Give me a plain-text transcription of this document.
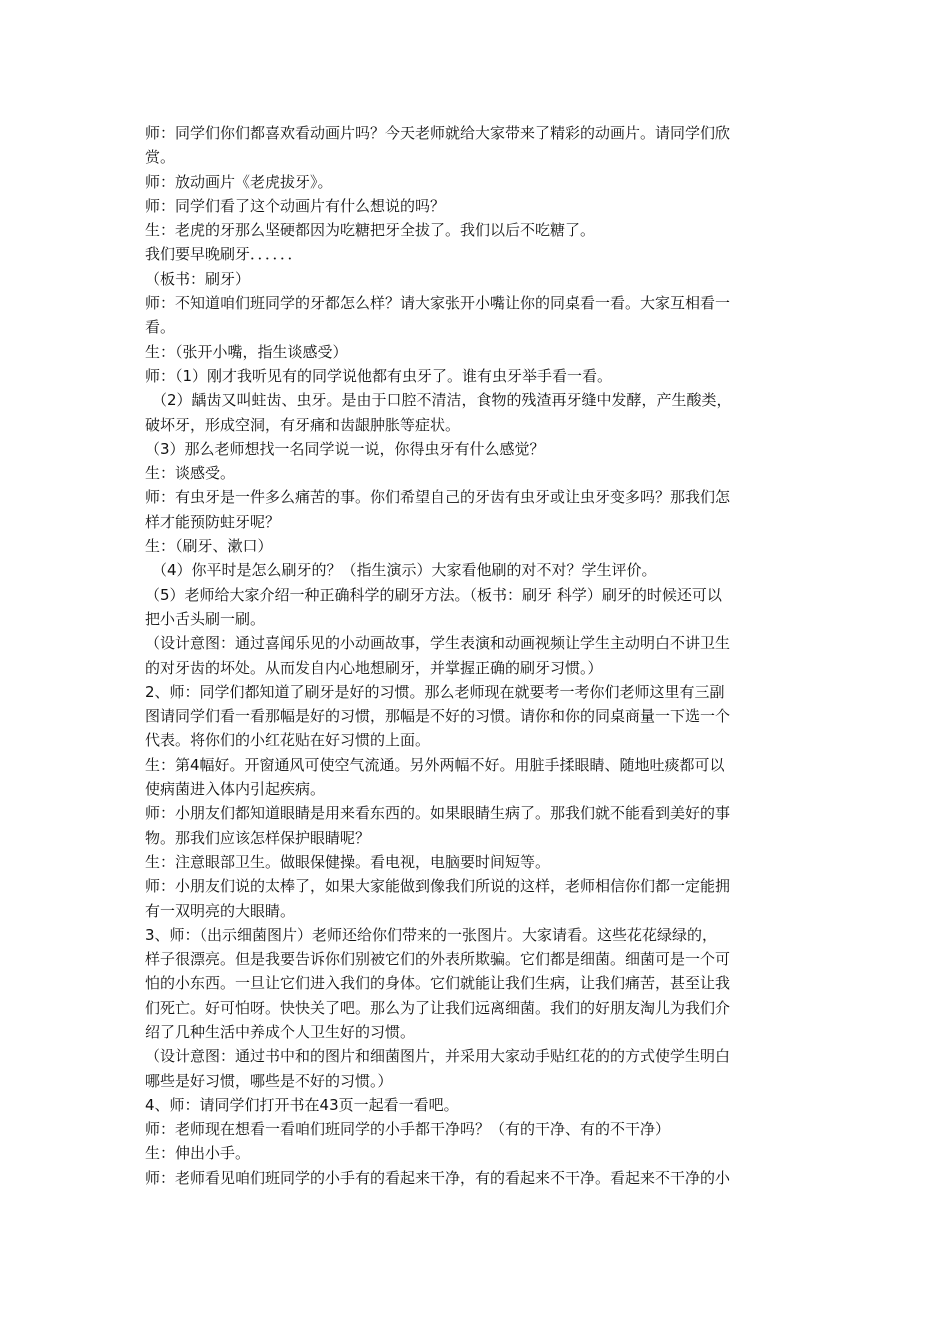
师：同学们你们都喜欢看动画片吗？今天老师就给大家带来了精彩的动画片。请同学们欣
赏。
师：放动画片《老虎拔牙》。
师：同学们看了这个动画片有什么想说的吗？
生：老虎的牙那么坚硬都因为吃糖把牙全拔了。我们以后不吃糖了。
我们要早晚刷牙．．．．．．
（板书：刷牙）
师：不知道咱们班同学的牙都怎么样？请大家张开小嘴让你的同桌看一看。大家互相看一
看。
生：（张开小嘴，指生谈感受）
师：（1）刚才我听见有的同学说他都有虫牙了。谁有虫牙举手看一看。
（2）龋齿又叫蛀齿、虫牙。是由于口腔不清洁，食物的残渣再牙缝中发酵，产生酸类，
破坏牙，形成空洞，有牙痛和齿龈肿胀等症状。
（3）那么老师想找一名同学说一说，你得虫牙有什么感觉？
生：谈感受。
师：有虫牙是一件多么痛苦的事。你们希望自己的牙齿有虫牙或让虫牙变多吗？那我们怎
样才能预防蛀牙呢？
生：（刷牙、漱口）
（4）你平时是怎么刷牙的？（指生演示）大家看他刷的对不对？学生评价。
（5）老师给大家介绍一种正确科学的刷牙方法。（板书：刷牙 科学）刷牙的时候还可以
把小舌头刷一刷。
（设计意图：通过喜闻乐见的小动画故事，学生表演和动画视频让学生主动明白不讲卫生
的对牙齿的坏处。从而发自内心地想刷牙，并掌握正确的刷牙习惯。）
2、师：同学们都知道了刷牙是好的习惯。那么老师现在就要考一考你们老师这里有三副
图请同学们看一看那幅是好的习惯，那幅是不好的习惯。请你和你的同桌商量一下选一个
代表。将你们的小红花贴在好习惯的上面。
生：第4幅好。开窗通风可使空气流通。另外两幅不好。用脏手揉眼睛、随地吐痰都可以
使病菌进入体内引起疾病。
师：小朋友们都知道眼睛是用来看东西的。如果眼睛生病了。那我们就不能看到美好的事
物。那我们应该怎样保护眼睛呢？
生：注意眼部卫生。做眼保健操。看电视，电脑要时间短等。
师：小朋友们说的太棒了，如果大家能做到像我们所说的这样，老师相信你们都一定能拥
有一双明亮的大眼睛。
3、师：（出示细菌图片）老师还给你们带来的一张图片。大家请看。这些花花绿绿的，
样子很漂亮。但是我要告诉你们别被它们的外表所欺骗。它们都是细菌。细菌可是一个可
怕的小东西。一旦让它们进入我们的身体。它们就能让我们生病，让我们痛苦，甚至让我
们死亡。好可怕呀。快快关了吧。那么为了让我们远离细菌。我们的好朋友淘儿为我们介
绍了几种生活中养成个人卫生好的习惯。
（设计意图：通过书中和的图片和细菌图片，并采用大家动手贴红花的的方式使学生明白
哪些是好习惯，哪些是不好的习惯。）
4、师：请同学们打开书在43页一起看一看吧。
师：老师现在想看一看咱们班同学的小手都干净吗？（有的干净、有的不干净）
生：伸出小手。
师：老师看见咱们班同学的小手有的看起来干净，有的看起来不干净。看起来不干净的小
